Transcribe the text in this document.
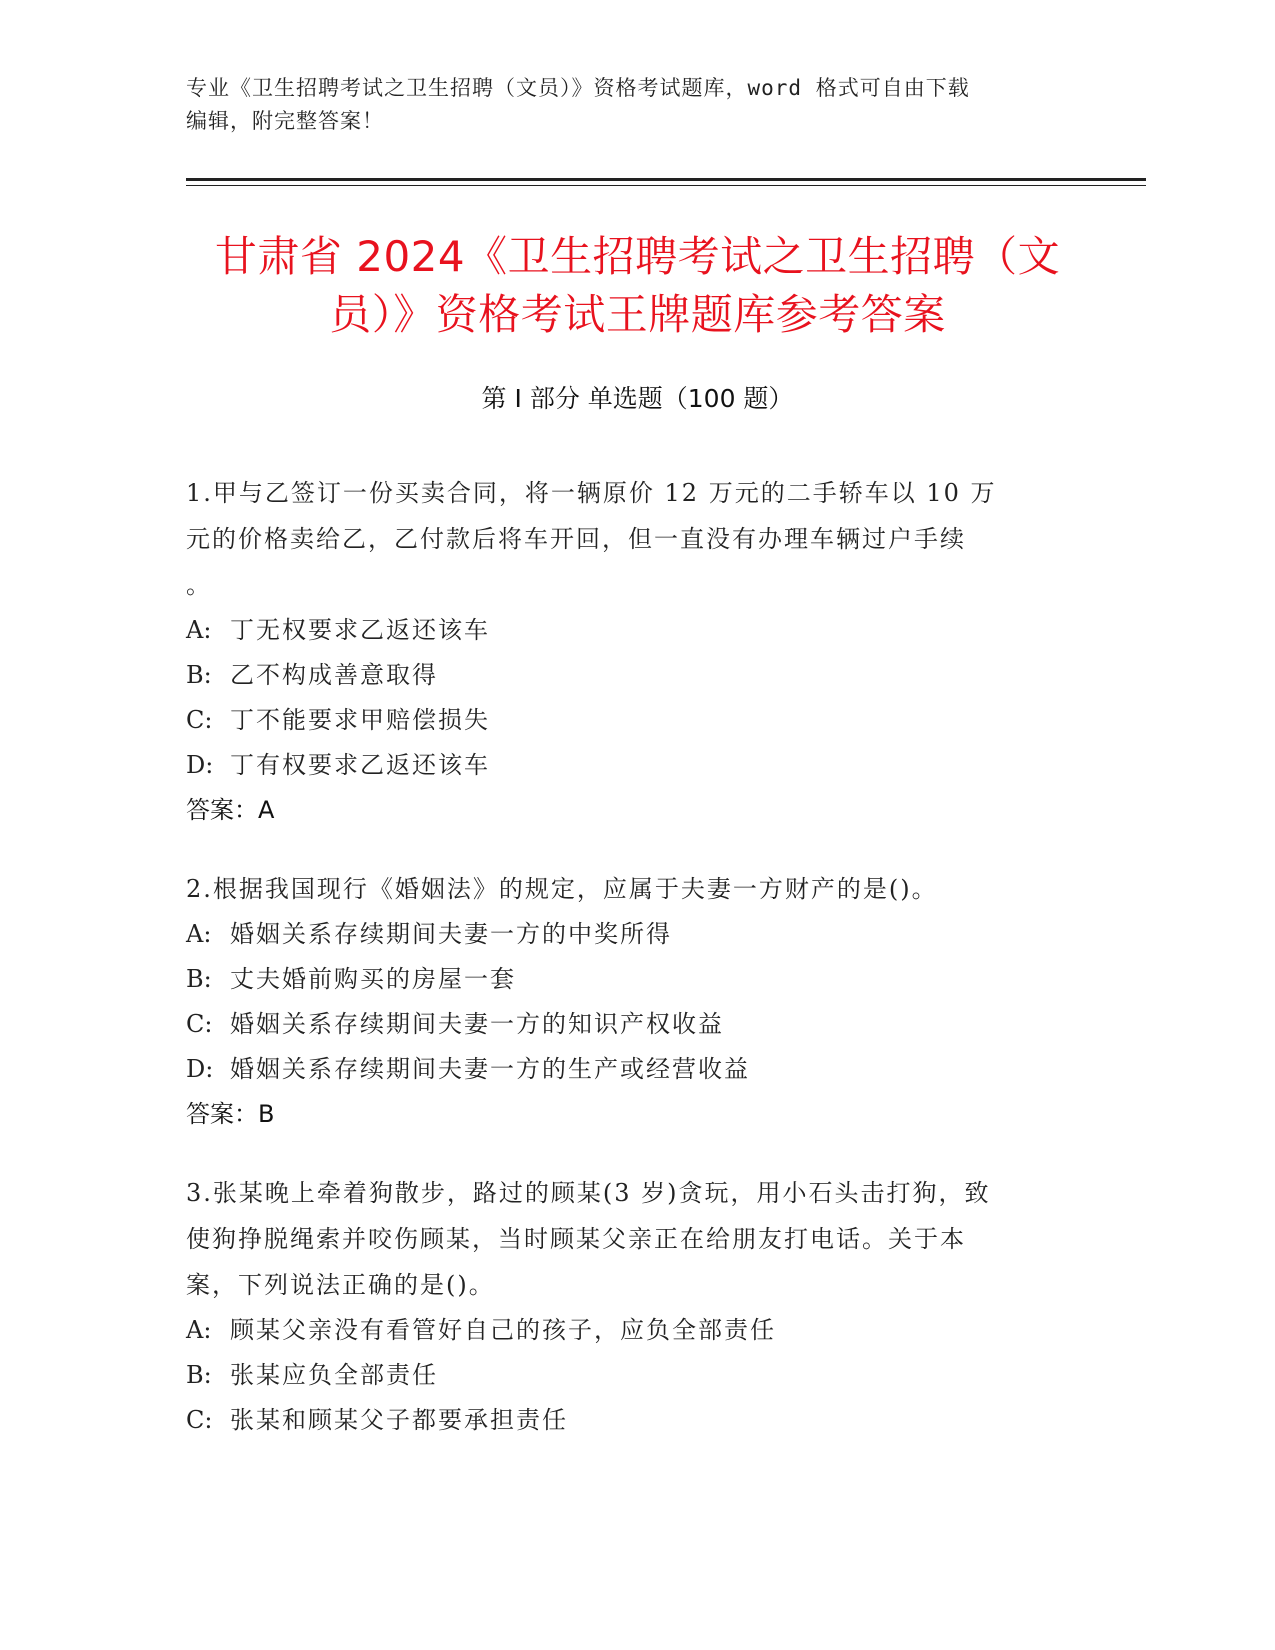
专业《卫生招聘考试之卫生招聘（文员）》资格考试题库，word 格式可自由下载
编辑，附完整答案！
甘肃省 2024《卫生招聘考试之卫生招聘（文
员）》资格考试王牌题库参考答案
第 I 部分 单选题（100 题）
1.甲与乙签订一份买卖合同，将一辆原价 12 万元的二手轿车以 10 万
元的价格卖给乙，乙付款后将车开回，但一直没有办理车辆过户手续
。
A: 丁无权要求乙返还该车
B: 乙不构成善意取得
C: 丁不能要求甲赔偿损失
D: 丁有权要求乙返还该车
答案：A
2.根据我国现行《婚姻法》的规定，应属于夫妻一方财产的是()。
A: 婚姻关系存续期间夫妻一方的中奖所得
B: 丈夫婚前购买的房屋一套
C: 婚姻关系存续期间夫妻一方的知识产权收益
D: 婚姻关系存续期间夫妻一方的生产或经营收益
答案：B
3.张某晚上牵着狗散步，路过的顾某(3 岁)贪玩，用小石头击打狗，致
使狗挣脱绳索并咬伤顾某，当时顾某父亲正在给朋友打电话。关于本
案，下列说法正确的是()。
A: 顾某父亲没有看管好自己的孩子，应负全部责任
B: 张某应负全部责任
C: 张某和顾某父子都要承担责任
